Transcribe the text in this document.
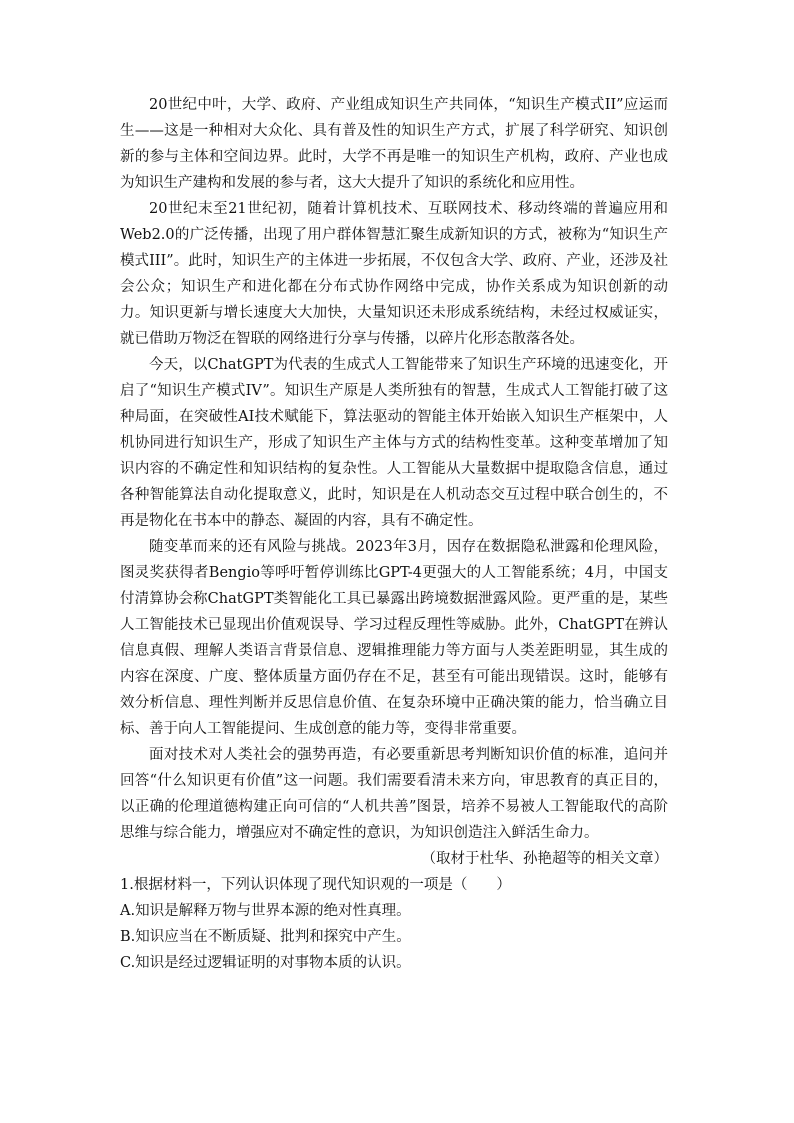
20世纪中叶，大学、政府、产业组成知识生产共同体，“知识生产模式II”应运而生——这是一种相对大众化、具有普及性的知识生产方式，扩展了科学研究、知识创新的参与主体和空间边界。此时，大学不再是唯一的知识生产机构，政府、产业也成为知识生产建构和发展的参与者，这大大提升了知识的系统化和应用性。

20世纪末至21世纪初，随着计算机技术、互联网技术、移动终端的普遍应用和Web2.0的广泛传播，出现了用户群体智慧汇聚生成新知识的方式，被称为“知识生产模式III”。此时，知识生产的主体进一步拓展，不仅包含大学、政府、产业，还涉及社会公众；知识生产和进化都在分布式协作网络中完成，协作关系成为知识创新的动力。知识更新与增长速度大大加快，大量知识还未形成系统结构，未经过权威证实，就已借助万物泛在智联的网络进行分享与传播，以碎片化形态散落各处。

今天，以ChatGPT为代表的生成式人工智能带来了知识生产环境的迅速变化，开启了“知识生产模式IV”。知识生产原是人类所独有的智慧，生成式人工智能打破了这种局面，在突破性AI技术赋能下，算法驱动的智能主体开始嵌入知识生产框架中，人机协同进行知识生产，形成了知识生产主体与方式的结构性变革。这种变革增加了知识内容的不确定性和知识结构的复杂性。人工智能从大量数据中提取隐含信息，通过各种智能算法自动化提取意义，此时，知识是在人机动态交互过程中联合创生的，不再是物化在书本中的静态、凝固的内容，具有不确定性。

随变革而来的还有风险与挑战。2023年3月，因存在数据隐私泄露和伦理风险，图灵奖获得者Bengio等呼吁暂停训练比GPT-4更强大的人工智能系统；4月，中国支付清算协会称ChatGPT类智能化工具已暴露出跨境数据泄露风险。更严重的是，某些人工智能技术已显现出价值观误导、学习过程反理性等威胁。此外，ChatGPT在辨认信息真假、理解人类语言背景信息、逻辑推理能力等方面与人类差距明显，其生成的内容在深度、广度、整体质量方面仍存在不足，甚至有可能出现错误。这时，能够有效分析信息、理性判断并反思信息价值、在复杂环境中正确决策的能力，恰当确立目标、善于向人工智能提问、生成创意的能力等，变得非常重要。

面对技术对人类社会的强势再造，有必要重新思考判断知识价值的标准，追问并回答“什么知识更有价值”这一问题。我们需要看清未来方向，审思教育的真正目的，以正确的伦理道德构建正向可信的“人机共善”图景，培养不易被人工智能取代的高阶思维与综合能力，增强应对不确定性的意识，为知识创造注入鲜活生命力。

（取材于杜华、孙艳超等的相关文章）

1.根据材料一，下列认识体现了现代知识观的一项是（　　）

A.知识是解释万物与世界本源的绝对性真理。

B.知识应当在不断质疑、批判和探究中产生。

C.知识是经过逻辑证明的对事物本质的认识。
